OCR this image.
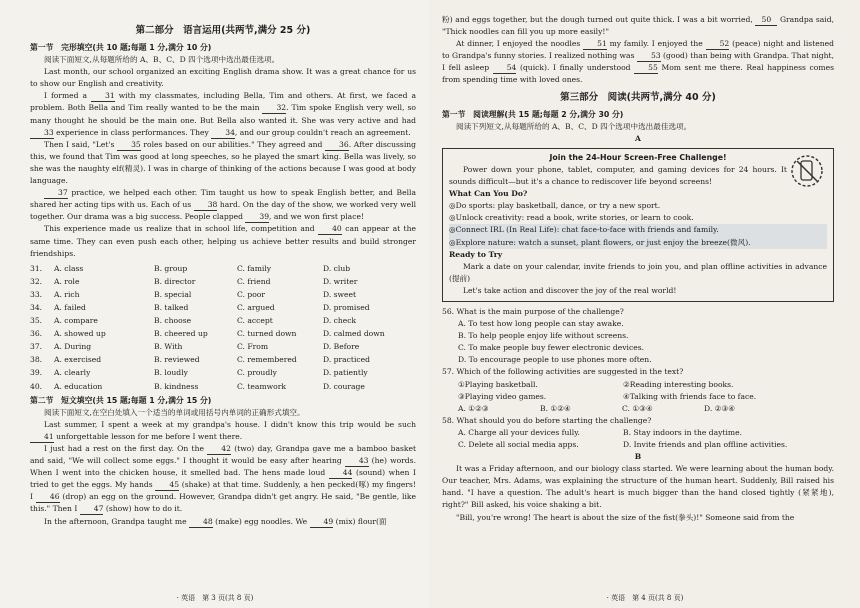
第二部分　语言运用(共两节,满分 25 分)
第一节　完形填空(共 10 题;每题 1 分,满分 10 分)

阅读下面短文,从每题所给的 A、B、C、D 四个选项中选出最佳选项。

Last month, our school organized an exciting English drama show. It was a great chance for us to show our English and creativity.

I formed a 31 with my classmates, including Bella, Tim and others. At first, we faced a problem. Both Bella and Tim really wanted to be the main 32. Tim spoke English very well, so many thought he should be the main one. But Bella also wanted it. She was very active and had 33 experience in class performances. They 34, and our group couldn't reach an agreement.

Then I said, "Let's 35 roles based on our abilities." They agreed and 36. After discussing this, we found that Tim was good at long speeches, so he played the smart king. Bella was lively, so she was the naughty elf(精灵). I was in charge of thinking of the actions because I was good at body language.

37 practice, we helped each other. Tim taught us how to speak English better, and Bella shared her acting tips with us. Each of us 38 hard. On the day of the show, we worked very well together. Our drama was a big success. People clapped 39, and we won first place!

This experience made us realize that in school life, competition and 40 can appear at the same time. They can even push each other, helping us achieve better results and build stronger friendships.

31.	A. class	B. group	C. family	D. club
32.	A. role	B. director	C. friend	D. writer
33.	A. rich	B. special	C. poor	D. sweet
34.	A. failed	B. talked	C. argued	D. promised
35.	A. compare	B. choose	C. accept	D. check
36.	A. showed up	B. cheered up	C. turned down	D. calmed down
37.	A. During	B. With	C. From	D. Before
38.	A. exercised	B. reviewed	C. remembered	D. practiced
39.	A. clearly	B. loudly	C. proudly	D. patiently
40.	A. education	B. kindness	C. teamwork	D. courage
第二节　短文填空(共 15 题;每题 1 分,满分 15 分)

阅读下面短文,在空白处填入一个适当的单词或用括号内单词的正确形式填空。

Last summer, I spent a week at my grandpa's house. I didn't know this trip would be such 41 unforgettable lesson for me before I went there.

I just had a rest on the first day. On the 42 (two) day, Grandpa gave me a bamboo basket and said, "We will collect some eggs." I thought it would be easy after hearing 43 (he) words. When I went into the chicken house, it smelled bad. The hens made loud 44 (sound) when I tried to get the eggs. My hands 45 (shake) at that time. Suddenly, a hen pecked(啄) my fingers! I 46 (drop) an egg on the ground. However, Grandpa didn't get angry. He said, "Be gentle, like this." Then I 47 (show) how to do it.

In the afternoon, Grandpa taught me 48 (make) egg noodles. We 49 (mix) flour(面

· 英语　第 3 页(共 8 页)

粉) and eggs together, but the dough turned out quite thick. I was a bit worried, 50 Grandpa said, "Thick noodles can fill you up more easily!"

At dinner, I enjoyed the noodles 51 my family. I enjoyed the 52 (peace) night and listened to Grandpa's funny stories. I realized nothing was 53 (good) than being with Grandpa. That night, I fell asleep 54 (quick). I finally understood 55 Mom sent me there. Real happiness comes from spending time with loved ones.

第三部分　阅读(共两节,满分 40 分)
第一节　阅读理解(共 15 题;每题 2 分,满分 30 分)

阅读下列短文,从每题所给的 A、B、C、D 四个选项中选出最佳选项。

A
Join the 24-Hour Screen-Free Challenge!

Power down your phone, tablet, computer, and gaming devices for 24 hours. It sounds difficult—but it's a chance to rediscover life beyond screens!

What Can You Do?
◎Do sports: play basketball, dance, or try a new sport.
◎Unlock creativity: read a book, write stories, or learn to cook.
◎Connect IRL (In Real Life): chat face-to-face with friends and family.
◎Explore nature: watch a sunset, plant flowers, or just enjoy the breeze(微风).
Ready to Try

Mark a date on your calendar, invite friends to join you, and plan offline activities in advance (提前)

Let's take action and discover the joy of the real world!

56. What is the main purpose of the challenge?
A. To test how long people can stay awake.
B. To help people enjoy life without screens.
C. To make people buy fewer electronic devices.
D. To encourage people to use phones more often.
57. Which of the following activities are suggested in the text?
①Playing basketball.	②Reading interesting books.
③Playing video games.	④Talking with friends face to face.
A. ①②③	B. ①②④	C. ①③④	D. ②③④
58. What should you do before starting the challenge?
A. Charge all your devices fully.	B. Stay indoors in the daytime.
C. Delete all social media apps.	D. Invite friends and plan offline activities.
B

It was a Friday afternoon, and our biology class started. We were learning about the human body. Our teacher, Mrs. Adams, was explaining the structure of the human heart. Suddenly, Bill raised his hand. "I have a question. The adult's heart is much bigger than the hand closed tightly (紧紧地), right?" Bill asked, his voice shaking a bit.

"Bill, you're wrong! The heart is about the size of the fist(拳头)!" Someone said from the

· 英语　第 4 页(共 8 页)
